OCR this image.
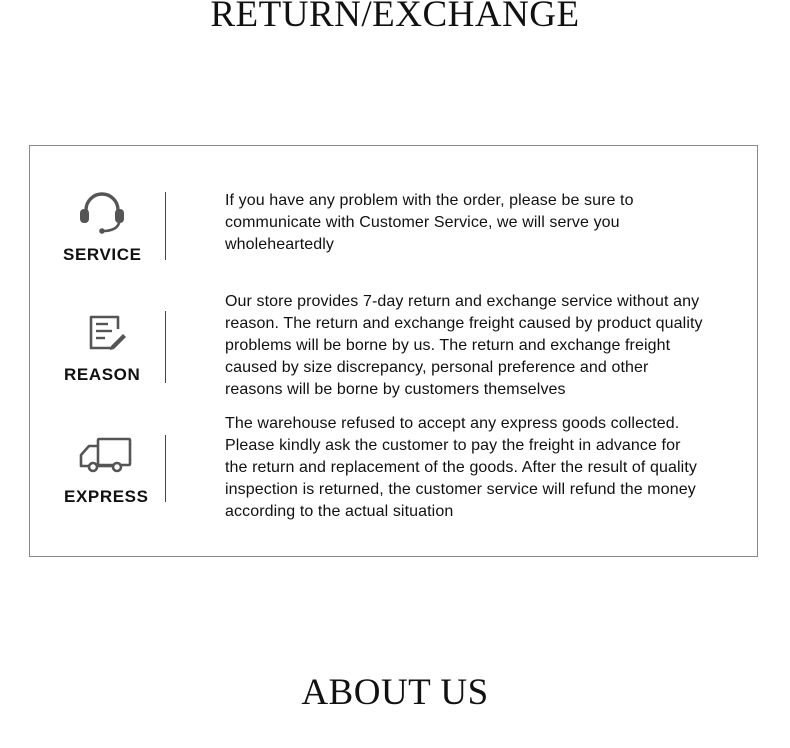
RETURN/EXCHANGE
SERVICE
If you have any problem with the order, please be sure to
communicate with Customer Service, we will serve you
wholeheartedly
REASON
Our store provides 7-day return and exchange service without any
reason. The return and exchange freight caused by product quality
problems will be borne by us. The return and exchange freight
caused by size discrepancy, personal preference and other
reasons will be borne by customers themselves
EXPRESS
The warehouse refused to accept any express goods collected.
Please kindly ask the customer to pay the freight in advance for
the return and replacement of the goods. After the result of quality
inspection is returned, the customer service will refund the money
according to the actual situation
ABOUT US
